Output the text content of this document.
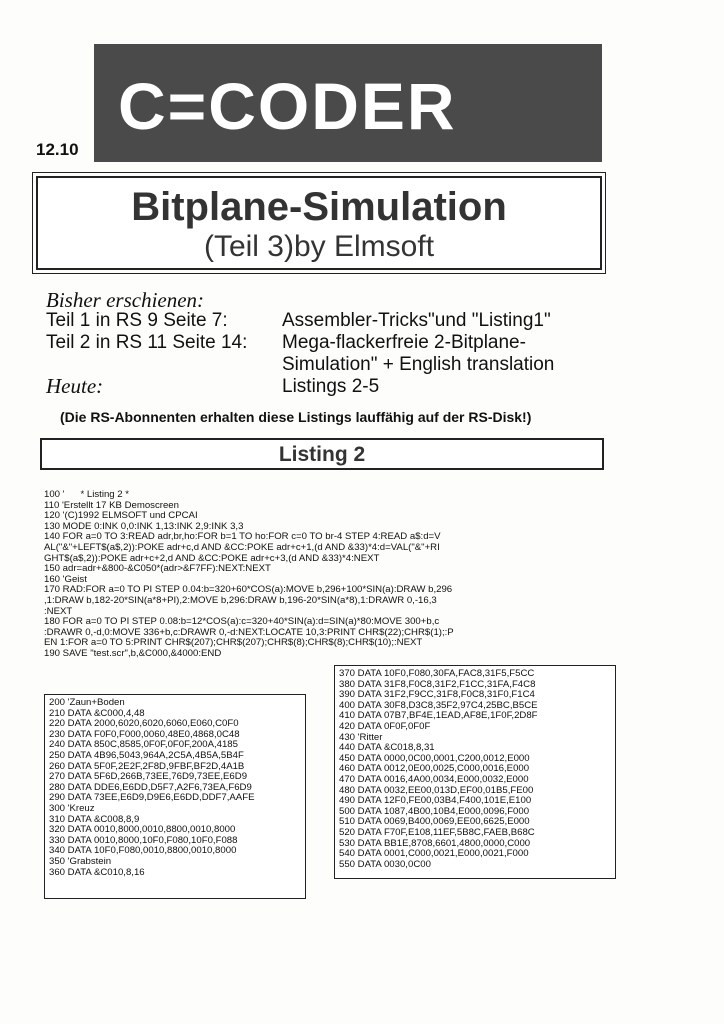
C=CODER
12.10
Bitplane-Simulation
(Teil 3)by Elmsoft
Bisher erschienen:
Teil 1 in RS 9 Seite 7:	Assembler-Tricks"und "Listing1"
Teil 2 in RS 11 Seite 14: Mega-flackerfreie 2-Bitplane-
Simulation" + English translation
Heute:	Listings 2-5
(Die RS-Abonnenten erhalten diese Listings lauffähig auf der RS-Disk!)
Listing 2
100 '      * Listing 2 *
110 'Erstellt 17 KB Demoscreen
120 '(C)1992 ELMSOFT und CPCAI
130 MODE 0:INK 0,0:INK 1,13:INK 2,9:INK 3,3
140 FOR a=0 TO 3:READ adr,br,ho:FOR b=1 TO ho:FOR c=0 TO br-4 STEP 4:READ a$:d=V
AL("&"+LEFT$(a$,2)):POKE adr+c,d AND &CC:POKE adr+c+1,(d AND &33)*4:d=VAL("&"+RI
GHT$(a$,2)):POKE adr+c+2,d AND &CC:POKE adr+c+3,(d AND &33)*4:NEXT
150 adr=adr+&800-&C050*(adr>&F7FF):NEXT:NEXT
160 'Geist
170 RAD:FOR a=0 TO PI STEP 0.04:b=320+60*COS(a):MOVE b,296+100*SIN(a):DRAW b,296
,1:DRAW b,182-20*SIN(a*8+PI),2:MOVE b,296:DRAW b,196-20*SIN(a*8),1:DRAWR 0,-16,3
:NEXT
180 FOR a=0 TO PI STEP 0.08:b=12*COS(a):c=320+40*SIN(a):d=SIN(a)*80:MOVE 300+b,c
:DRAWR 0,-d,0:MOVE 336+b,c:DRAWR 0,-d:NEXT:LOCATE 10,3:PRINT CHR$(22);CHR$(1);:P
EN 1:FOR a=0 TO 5:PRINT CHR$(207);CHR$(207);CHR$(8);CHR$(8);CHR$(10);:NEXT
190 SAVE "test.scr",b,&C000,&4000:END
200 'Zaun+Boden
210 DATA &C000,4,48
220 DATA 2000,6020,6020,6060,E060,C0F0
230 DATA F0F0,F000,0060,48E0,4868,0C48
240 DATA 850C,8585,0F0F,0F0F,200A,4185
250 DATA 4B96,5043,964A,2C5A,4B5A,5B4F
260 DATA 5F0F,2E2F,2F8D,9FBF,BF2D,4A1B
270 DATA 5F6D,266B,73EE,76D9,73EE,E6D9
280 DATA DDE6,E6DD,D5F7,A2F6,73EA,F6D9
290 DATA 73EE,E6D9,D9E6,E6DD,DDF7,AAFE
300 'Kreuz
310 DATA &C008,8,9
320 DATA 0010,8000,0010,8800,0010,8000
330 DATA 0010,8000,10F0,F080,10F0,F088
340 DATA 10F0,F080,0010,8800,0010,8000
350 'Grabstein
360 DATA &C010,8,16
370 DATA 10F0,F080,30FA,FAC8,31F5,F5CC
380 DATA 31F8,F0C8,31F2,F1CC,31FA,F4C8
390 DATA 31F2,F9CC,31F8,F0C8,31F0,F1C4
400 DATA 30F8,D3C8,35F2,97C4,25BC,B5CE
410 DATA 07B7,BF4E,1EAD,AF8E,1F0F,2D8F
420 DATA 0F0F,0F0F
430 'Ritter
440 DATA &C018,8,31
450 DATA 0000,0C00,0001,C200,0012,E000
460 DATA 0012,0E00,0025,C000,0016,E000
470 DATA 0016,4A00,0034,E000,0032,E000
480 DATA 0032,EE00,013D,EF00,01B5,FE00
490 DATA 12F0,FE00,03B4,F400,101E,E100
500 DATA 1087,4B00,10B4,E000,0096,F000
510 DATA 0069,B400,0069,EE00,6625,E000
520 DATA F70F,E108,11EF,5B8C,FAEB,B68C
530 DATA BB1E,8708,6601,4800,0000,C000
540 DATA 0001,C000,0021,E000,0021,F000
550 DATA 0030,0C00
